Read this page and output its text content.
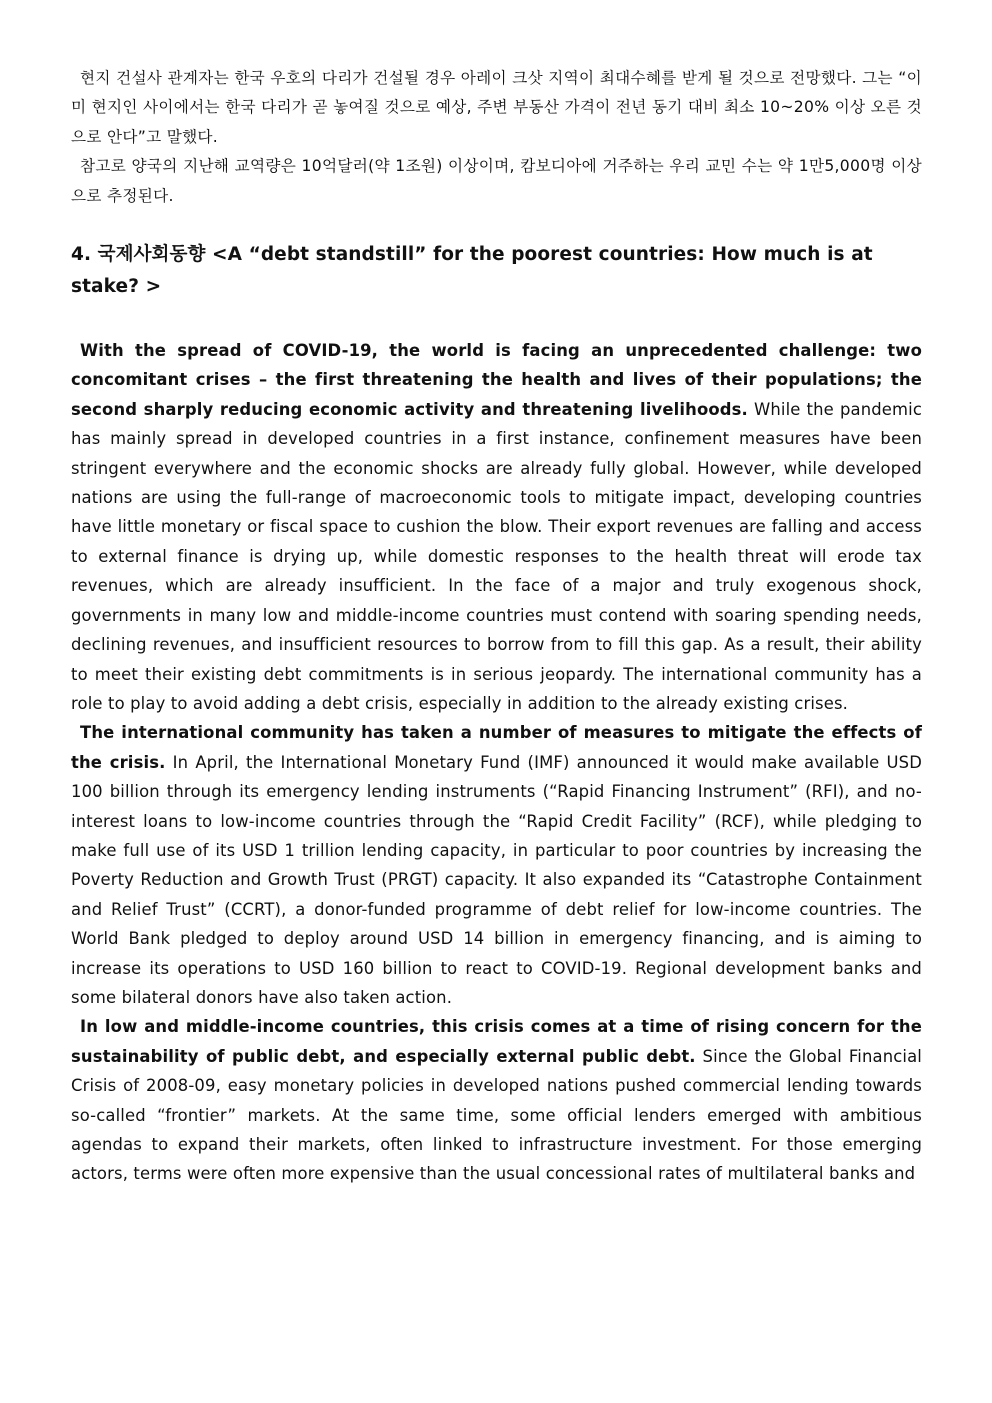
현지 건설사 관계자는 한국 우호의 다리가 건설될 경우 아레이 크삿 지역이 최대수혜를 받게 될 것으로 전망했다. 그는 “이미 현지인 사이에서는 한국 다리가 곧 놓여질 것으로 예상, 주변 부동산 가격이 전년 동기 대비 최소 10~20% 이상 오른 것으로 안다”고 말했다.

참고로 양국의 지난해 교역량은 10억달러(약 1조원) 이상이며, 캄보디아에 거주하는 우리 교민 수는 약 1만5,000명 이상으로 추정된다.

4. 국제사회동향 <A “debt standstill” for the poorest countries: How much is at stake? >

With the spread of COVID-19, the world is facing an unprecedented challenge: two concomitant crises – the first threatening the health and lives of their populations; the second sharply reducing economic activity and threatening livelihoods. While the pandemic has mainly spread in developed countries in a first instance, confinement measures have been stringent everywhere and the economic shocks are already fully global. However, while developed nations are using the full-range of macroeconomic tools to mitigate impact, developing countries have little monetary or fiscal space to cushion the blow. Their export revenues are falling and access to external finance is drying up, while domestic responses to the health threat will erode tax revenues, which are already insufficient. In the face of a major and truly exogenous shock, governments in many low and middle-income countries must contend with soaring spending needs, declining revenues, and insufficient resources to borrow from to fill this gap. As a result, their ability to meet their existing debt commitments is in serious jeopardy. The international community has a role to play to avoid adding a debt crisis, especially in addition to the already existing crises.

The international community has taken a number of measures to mitigate the effects of the crisis. In April, the International Monetary Fund (IMF) announced it would make available USD 100 billion through its emergency lending instruments (“Rapid Financing Instrument” (RFI), and no-interest loans to low-income countries through the “Rapid Credit Facility” (RCF), while pledging to make full use of its USD 1 trillion lending capacity, in particular to poor countries by increasing the Poverty Reduction and Growth Trust (PRGT) capacity. It also expanded its “Catastrophe Containment and Relief Trust” (CCRT), a donor-funded programme of debt relief for low-income countries. The World Bank pledged to deploy around USD 14 billion in emergency financing, and is aiming to increase its operations to USD 160 billion to react to COVID-19. Regional development banks and some bilateral donors have also taken action.

In low and middle-income countries, this crisis comes at a time of rising concern for the sustainability of public debt, and especially external public debt. Since the Global Financial Crisis of 2008-09, easy monetary policies in developed nations pushed commercial lending towards so-called “frontier” markets. At the same time, some official lenders emerged with ambitious agendas to expand their markets, often linked to infrastructure investment. For those emerging actors, terms were often more expensive than the usual concessional rates of multilateral banks and
